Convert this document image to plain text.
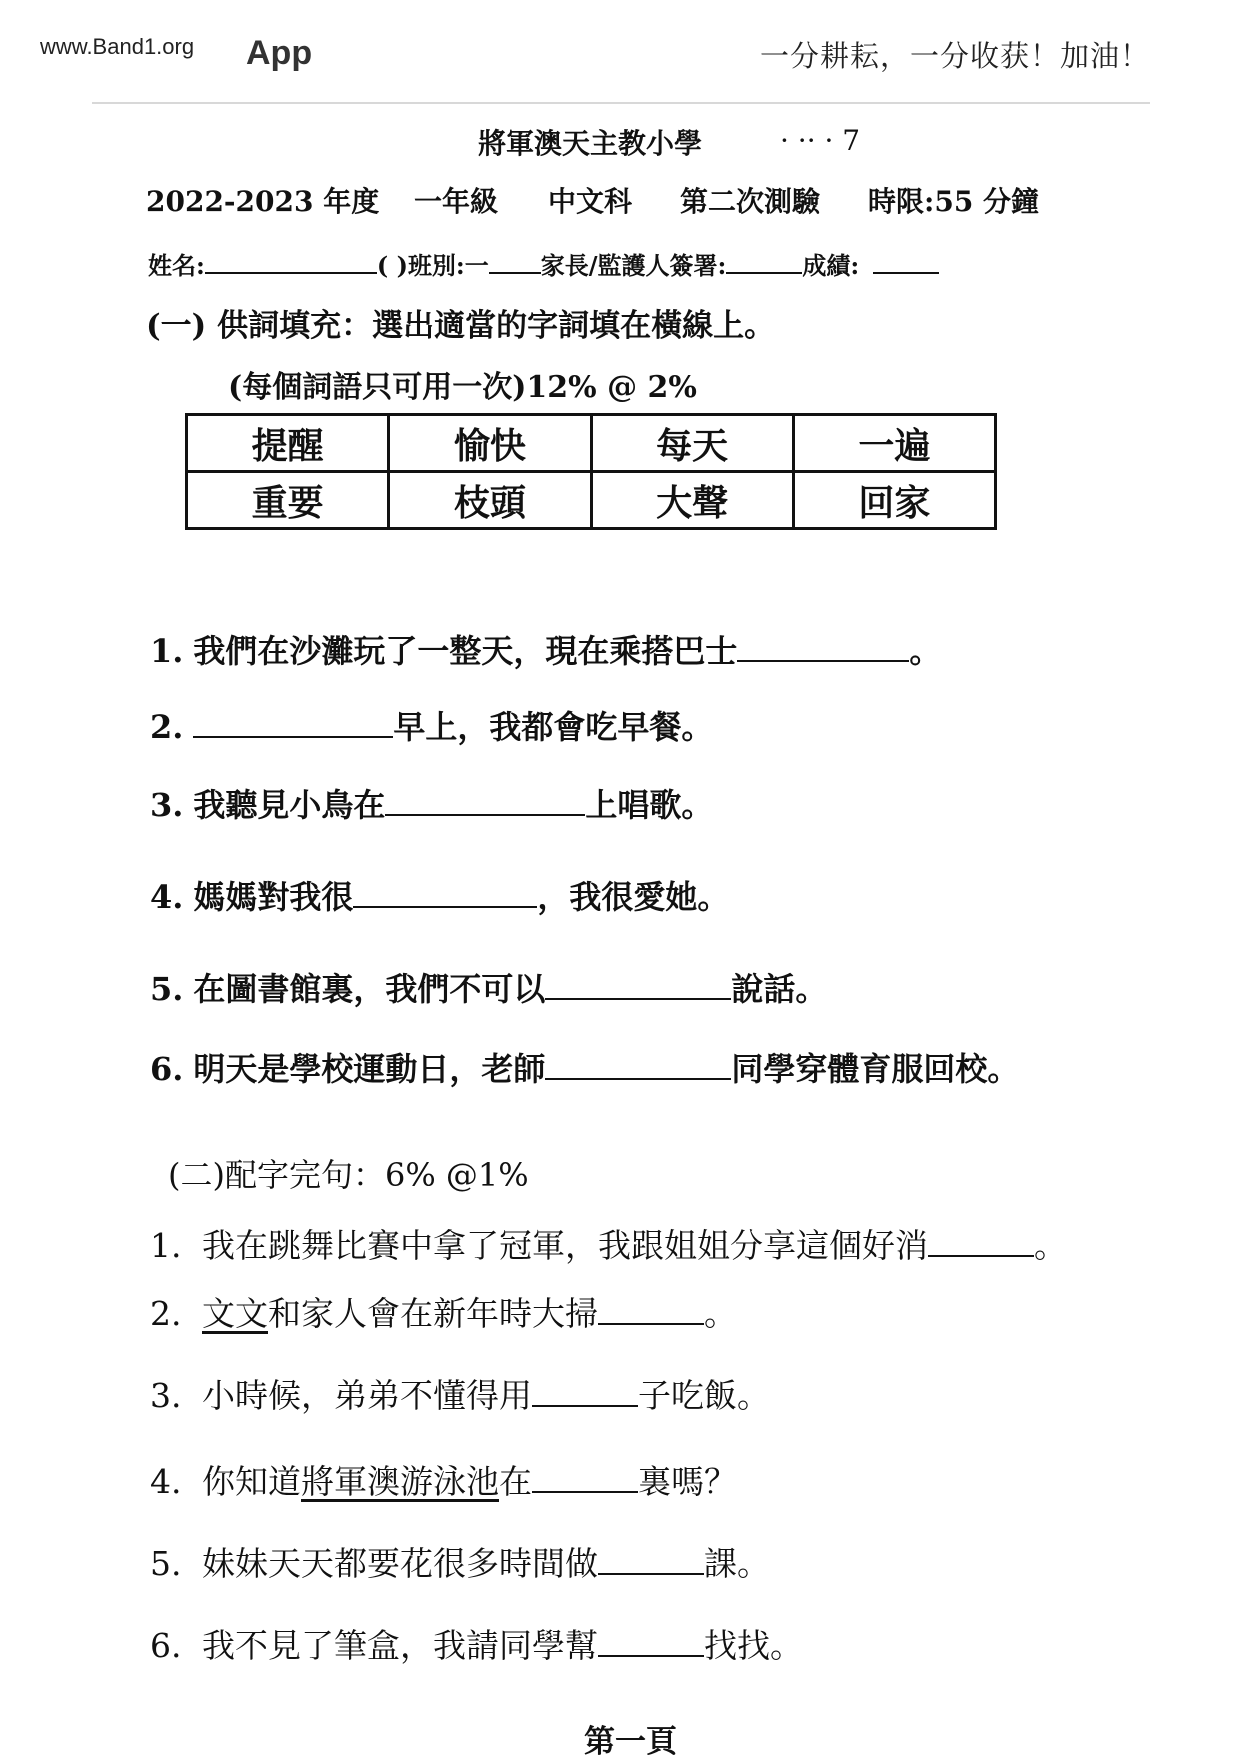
www.Band1.org App	一分耕耘，一分收获！加油！
將軍澳天主教小學	· ·· · 7
2022-2023 年度 一年級 中文科 第二次測驗 時限:55 分鐘
姓名:	( )班別:一 家長/監護人簽署:	成績:
(一) 供詞填充：選出適當的字詞填在橫線上。
(每個詞語只可用一次)12% @ 2%
提醒	愉快	每天	一遍
重要	枝頭	大聲	回家
1. 我們在沙灘玩了一整天，現在乘搭巴士	。
2.	早上，我都會吃早餐。
3. 我聽見小鳥在	上唱歌。
4. 媽媽對我很	，我很愛她。
5. 在圖書館裏，我們不可以	說話。
6. 明天是學校運動日，老師	同學穿體育服回校。
(二)配字完句：6% @1%
1. 我在跳舞比賽中拿了冠軍，我跟姐姐分享這個好消	。
2. 文文和家人會在新年時大掃	。
3. 小時候，弟弟不懂得用	子吃飯。
4. 你知道將軍澳游泳池在	裏嗎？
5. 妹妹天天都要花很多時間做	課。
6. 我不見了筆盒，我請同學幫	找找。
第一頁
